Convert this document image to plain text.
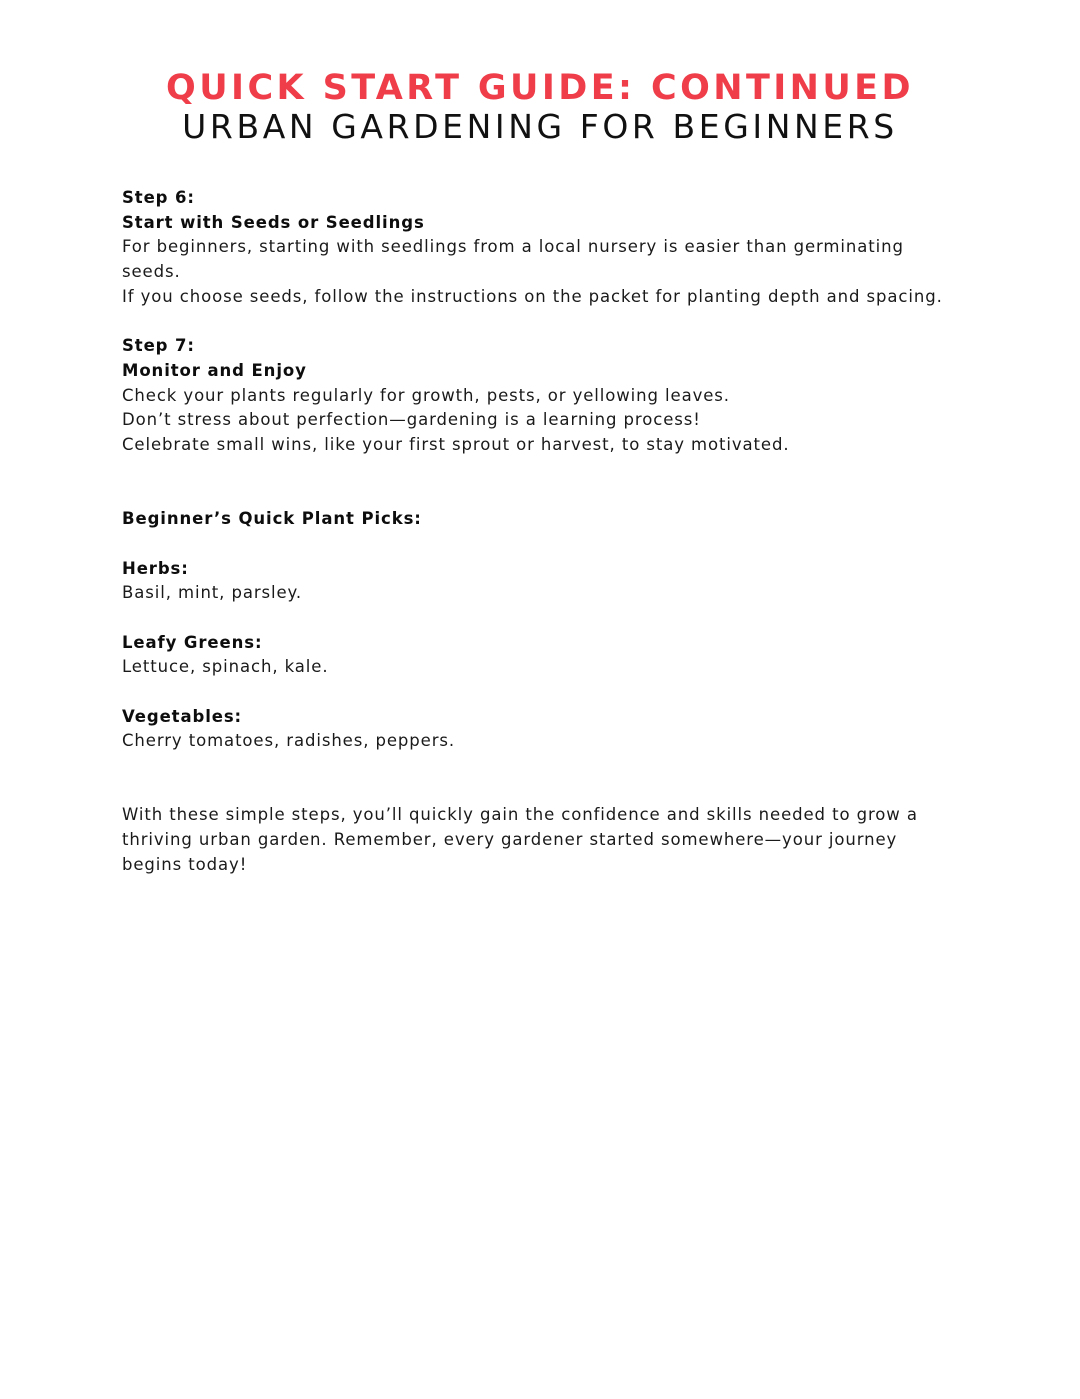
QUICK START GUIDE: CONTINUED
URBAN GARDENING FOR BEGINNERS

Step 6:

Start with Seeds or Seedlings

For beginners, starting with seedlings from a local nursery is easier than germinating seeds.

If you choose seeds, follow the instructions on the packet for planting depth and spacing.

Step 7:

Monitor and Enjoy

Check your plants regularly for growth, pests, or yellowing leaves.

Don’t stress about perfection—gardening is a learning process!

Celebrate small wins, like your first sprout or harvest, to stay motivated.

Beginner’s Quick Plant Picks:

Herbs:

Basil, mint, parsley.

Leafy Greens:

Lettuce, spinach, kale.

Vegetables:

Cherry tomatoes, radishes, peppers.

With these simple steps, you’ll quickly gain the confidence and skills needed to grow a thriving urban garden. Remember, every gardener started somewhere—your journey begins today!
